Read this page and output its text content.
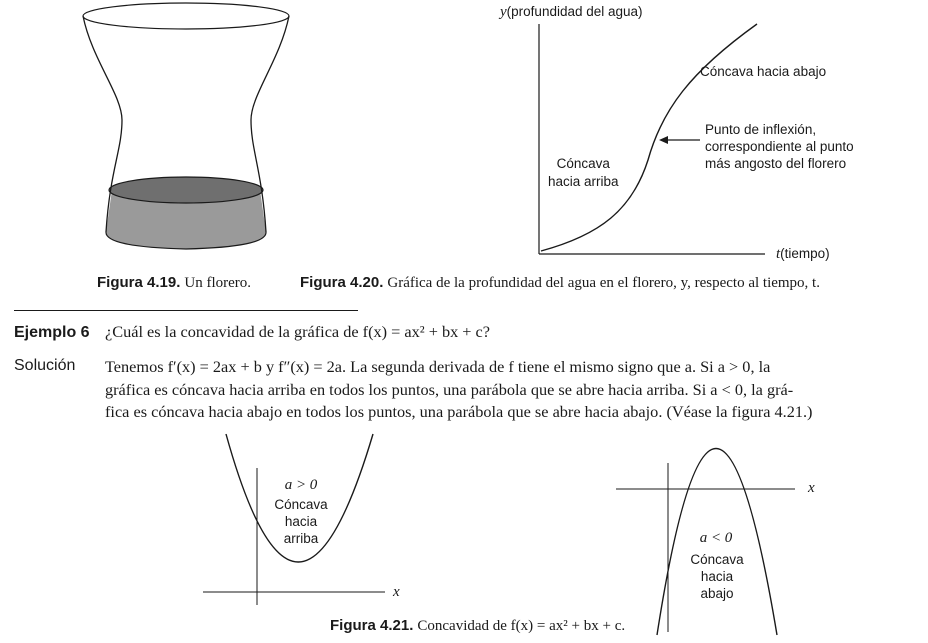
Figura 4.19. Un florero.
y(profundidad del agua)
t(tiempo)
Cóncava hacia abajo
Punto de inflexión,
correspondiente al punto
más angosto del florero
Cóncava
hacia arriba
Figura 4.20. Gráfica de la profundidad del agua en el florero, y, respecto al tiempo, t.
Ejemplo 6 ¿Cuál es la concavidad de la gráfica de f(x) = ax² + bx + c?
Solución Tenemos f′(x) = 2ax + b y f″(x) = 2a. La segunda derivada de f tiene el mismo signo que a. Si a > 0, la
gráfica es cóncava hacia arriba en todos los puntos, una parábola que se abre hacia arriba. Si a < 0, la grá-
fica es cóncava hacia abajo en todos los puntos, una parábola que se abre hacia abajo. (Véase la figura 4.21.)
a > 0
Cóncava
hacia
arriba
x
a < 0
Cóncava
hacia
abajo
x
Figura 4.21. Concavidad de f(x) = ax² + bx + c.
